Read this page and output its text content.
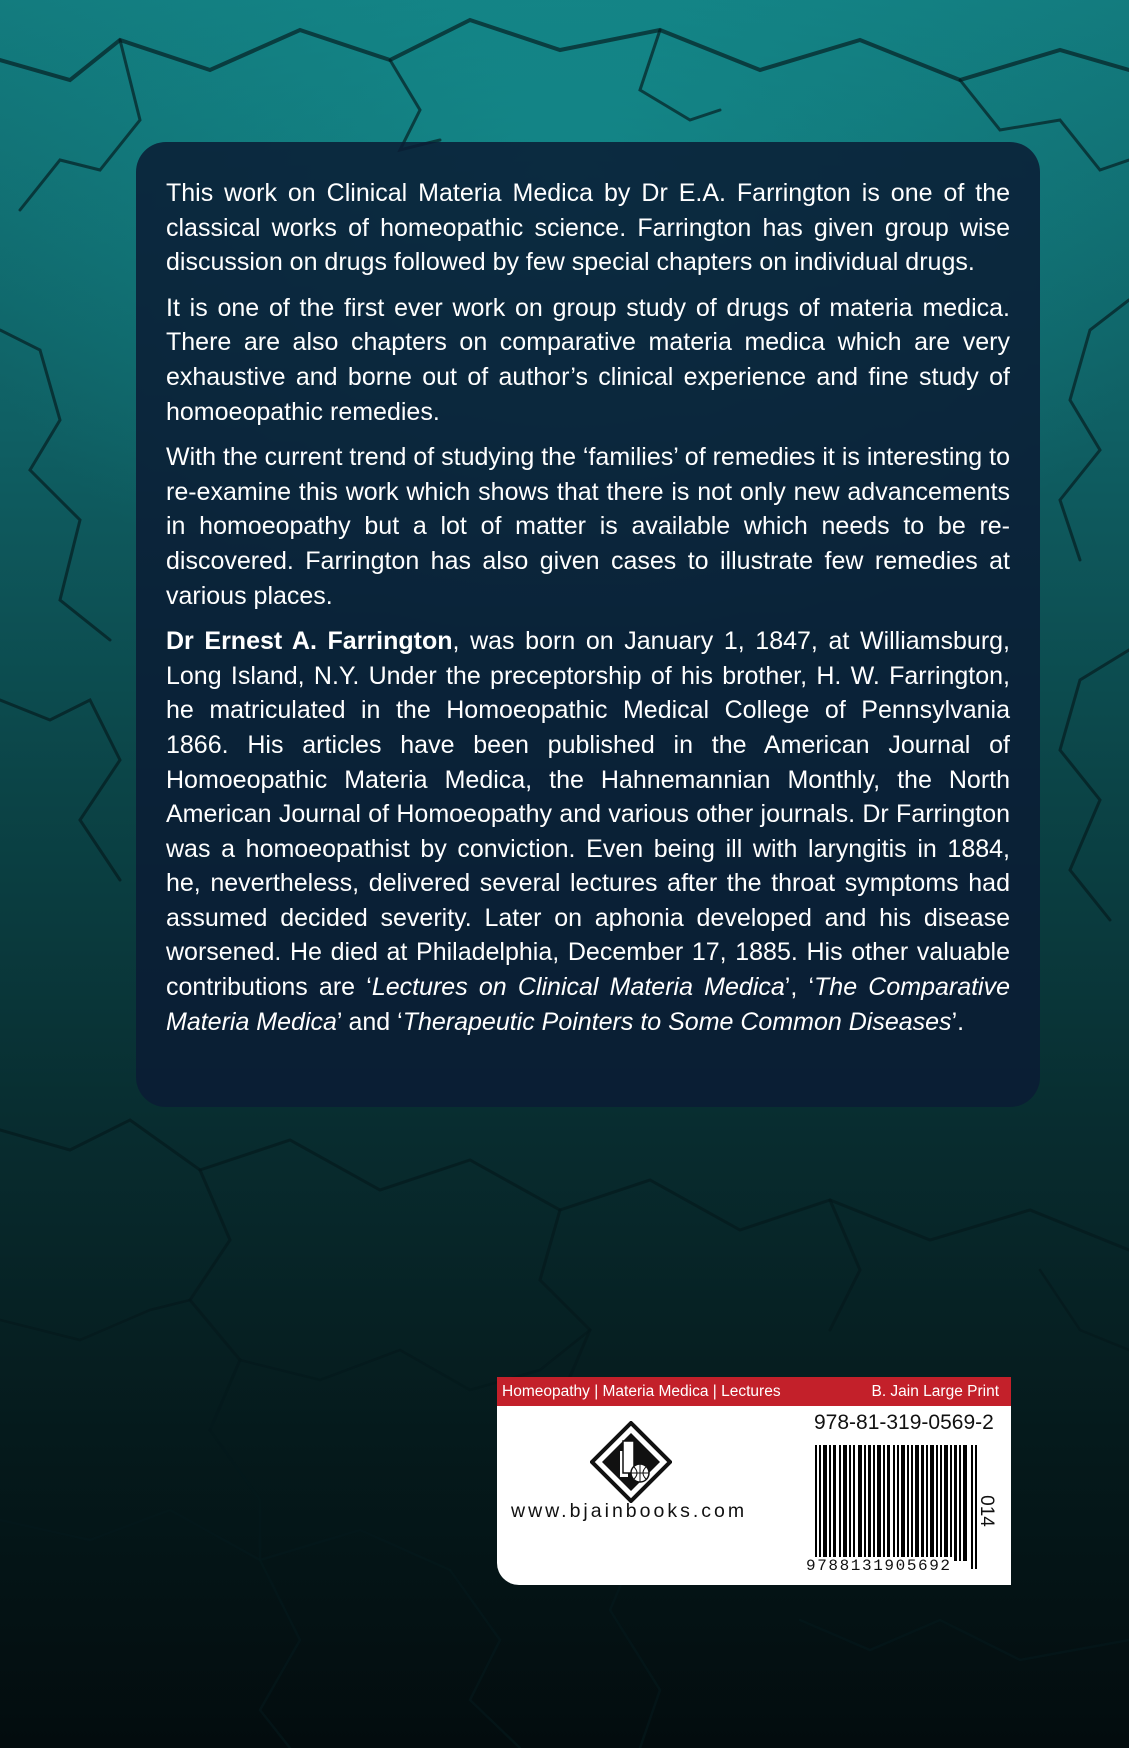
This work on Clinical Materia Medica by Dr E.A. Farrington is one of the classical works of homeopathic science. Farrington has given group wise discussion on drugs followed by few special chapters on individual drugs.

It is one of the first ever work on group study of drugs of materia medica. There are also chapters on comparative materia medica which are very exhaustive and borne out of author’s clinical experience and fine study of homoeopathic remedies.

With the current trend of studying the ‘families’ of remedies it is interesting to re-examine this work which shows that there is not only new advancements in homoeopathy but a lot of matter is available which needs to be re-discovered. Farrington has also given cases to illustrate few remedies at various places.

Dr Ernest A. Farrington, was born on January 1, 1847, at Williamsburg, Long Island, N.Y. Under the preceptorship of his brother, H. W. Farrington, he matriculated in the Homoeopathic Medical College of Pennsylvania 1866. His articles have been published in the American Journal of Homoeopathic Materia Medica, the Hahnemannian Monthly, the North American Journal of Homoeopathy and various other journals. Dr Farrington was a homoeopathist by conviction. Even being ill with laryngitis in 1884, he, nevertheless, delivered several lectures after the throat symptoms had assumed decided severity. Later on aphonia developed and his disease worsened. He died at Philadelphia, December 17, 1885. His other valuable contributions are ‘Lectures on Clinical Materia Medica’, ‘The Comparative Materia Medica’ and ‘Therapeutic Pointers to Some Common Diseases’.

Homeopathy | Materia Medica | Lectures	B. Jain Large Print
www.bjainbooks.com
978-81-319-0569-2
014
9788131905692
